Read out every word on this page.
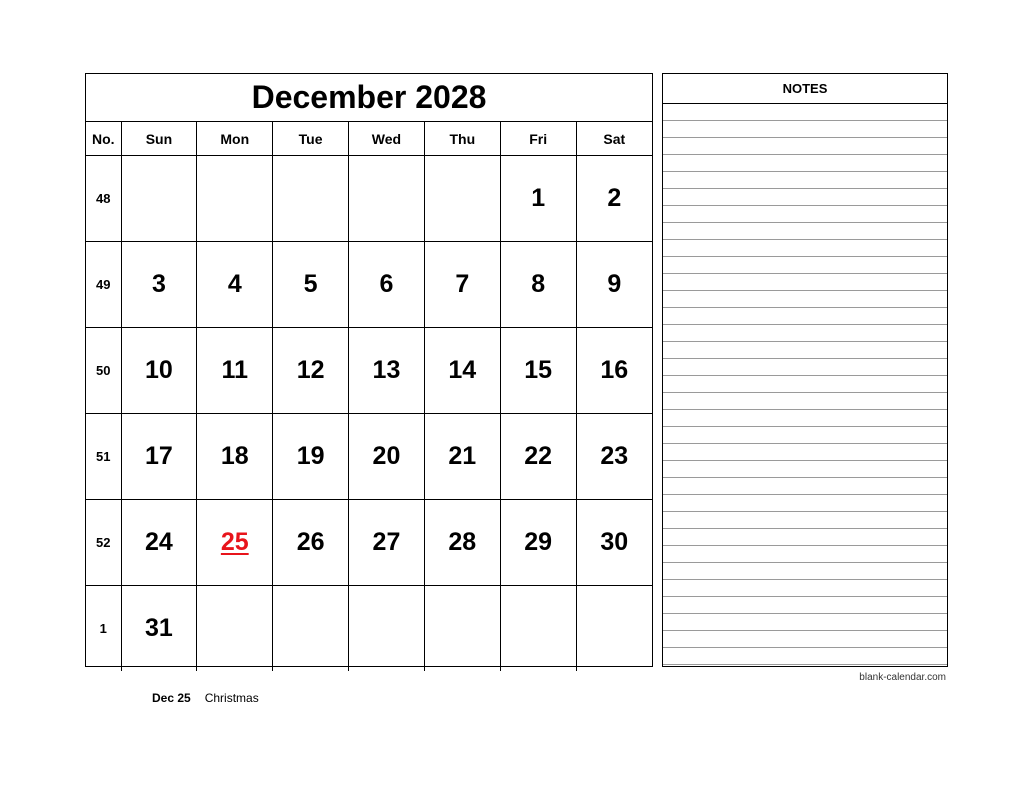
December 2028
No.	Sun	Mon	Tue	Wed	Thu	Fri	Sat
48						1	2
49	3	4	5	6	7	8	9
50	10	11	12	13	14	15	16
51	17	18	19	20	21	22	23
52	24	25	26	27	28	29	30
1	31						
NOTES
blank-calendar.com
Dec 25 Christmas
